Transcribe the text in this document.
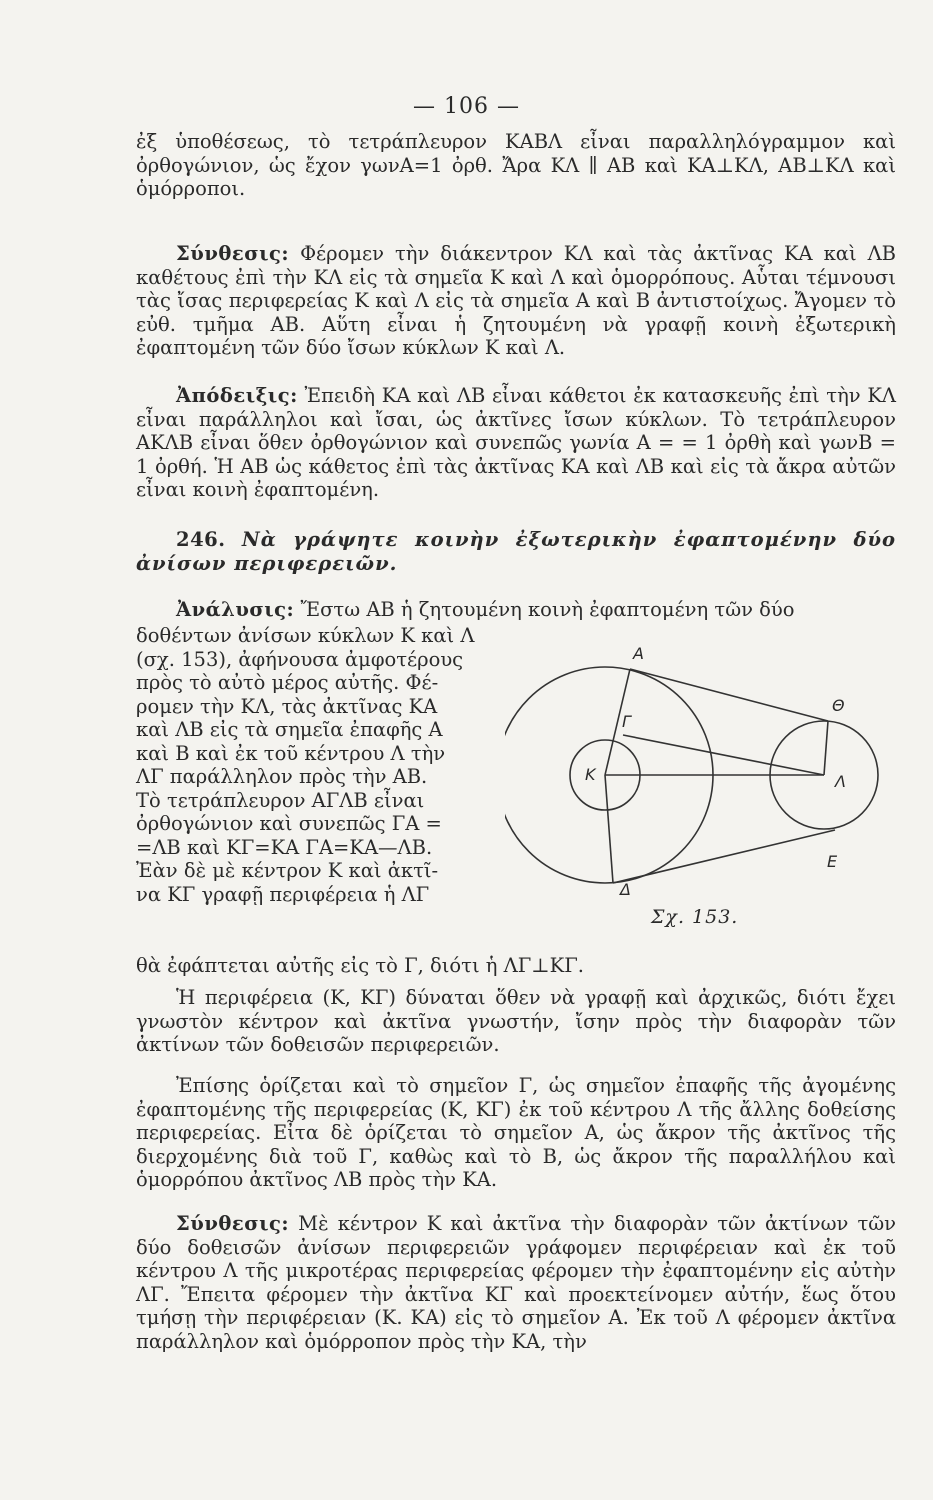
— 106 —

ἐξ ὑποθέσεως, τὸ τετράπλευρον ΚΑΒΛ εἶναι παραλληλόγραμμον καὶ ὀρθογώνιον, ὡς ἔχον γωνΑ=1 ὀρθ. Ἄρα ΚΛ ∥ ΑΒ καὶ ΚΑ⊥ΚΛ, ΑΒ⊥ΚΛ καὶ ὁμόρροποι.

Σύνθεσις: Φέρομεν τὴν διάκεντρον ΚΛ καὶ τὰς ἀκτῖνας ΚΑ καὶ ΛΒ καθέτους ἐπὶ τὴν ΚΛ εἰς τὰ σημεῖα Κ καὶ Λ καὶ ὁμορρόπους. Αὗται τέμνουσι τὰς ἴσας περιφερείας Κ καὶ Λ εἰς τὰ σημεῖα Α καὶ Β ἀντιστοίχως. Ἄγομεν τὸ εὐθ. τμῆμα ΑΒ. Αὕτη εἶναι ἡ ζητουμένη νὰ γραφῇ κοινὴ ἐξωτερικὴ ἐφαπτομένη τῶν δύο ἴσων κύκλων Κ καὶ Λ.

Ἀπόδειξις: Ἐπειδὴ ΚΑ καὶ ΛΒ εἶναι κάθετοι ἐκ κατασκευῆς ἐπὶ τὴν ΚΛ εἶναι παράλληλοι καὶ ἴσαι, ὡς ἀκτῖνες ἴσων κύκλων. Τὸ τετράπλευρον ΑΚΛΒ εἶναι ὅθεν ὀρθογώνιον καὶ συνεπῶς γωνία Α = = 1 ὀρθὴ καὶ γωνΒ = 1 ὀρθή. Ἡ ΑΒ ὡς κάθετος ἐπὶ τὰς ἀκτῖνας ΚΑ καὶ ΛΒ καὶ εἰς τὰ ἄκρα αὐτῶν εἶναι κοινὴ ἐφαπτομένη.

246. Νὰ γράψητε κοινὴν ἐξωτερικὴν ἐφαπτομένην δύο ἀνίσων περιφερειῶν.

Ἀνάλυσις: Ἔστω ΑΒ ἡ ζητουμένη κοινὴ ἐφαπτομένη τῶν δύο

δοθέντων ἀνίσων κύκλων Κ καὶ Λ

(σχ. 153), ἀφήνουσα ἀμφοτέρους

πρὸς τὸ αὐτὸ μέρος αὐτῆς. Φέ-

ρομεν τὴν ΚΛ, τὰς ἀκτῖνας ΚΑ

καὶ ΛΒ εἰς τὰ σημεῖα ἐπαφῆς Α

καὶ Β καὶ ἐκ τοῦ κέντρου Λ τὴν

ΛΓ παράλληλον πρὸς τὴν ΑΒ.

Τὸ τετράπλευρον ΑΓΛΒ εἶναι

ὀρθογώνιον καὶ συνεπῶς ΓΑ =

=ΛΒ καὶ ΚΓ=ΚΑ ΓΑ=ΚΑ—ΛΒ.

Ἐὰν δὲ μὲ κέντρον Κ καὶ ἀκτῖ-

να ΚΓ γραφῇ περιφέρεια ἡ ΛΓ

θὰ ἐφάπτεται αὐτῆς εἰς τὸ Γ, διότι ἡ ΛΓ⊥ΚΓ.

Α
Γ
Κ	Λ
Θ
Ε
Δ
Σχ. 153.

Ἡ περιφέρεια (Κ, ΚΓ) δύναται ὅθεν νὰ γραφῇ καὶ ἀρχικῶς, διότι ἔχει γνωστὸν κέντρον καὶ ἀκτῖνα γνωστήν, ἴσην πρὸς τὴν διαφορὰν τῶν ἀκτίνων τῶν δοθεισῶν περιφερειῶν.

Ἐπίσης ὁρίζεται καὶ τὸ σημεῖον Γ, ὡς σημεῖον ἐπαφῆς τῆς ἀγομένης ἐφαπτομένης τῆς περιφερείας (Κ, ΚΓ) ἐκ τοῦ κέντρου Λ τῆς ἄλλης δοθείσης περιφερείας. Εἶτα δὲ ὁρίζεται τὸ σημεῖον Α, ὡς ἄκρον τῆς ἀκτῖνος τῆς διερχομένης διὰ τοῦ Γ, καθὼς καὶ τὸ Β, ὡς ἄκρον τῆς παραλλήλου καὶ ὁμορρόπου ἀκτῖνος ΛΒ πρὸς τὴν ΚΑ.

Σύνθεσις: Μὲ κέντρον Κ καὶ ἀκτῖνα τὴν διαφορὰν τῶν ἀκτίνων τῶν δύο δοθεισῶν ἀνίσων περιφερειῶν γράφομεν περιφέρειαν καὶ ἐκ τοῦ κέντρου Λ τῆς μικροτέρας περιφερείας φέρομεν τὴν ἐφαπτομένην εἰς αὐτὴν ΛΓ. Ἔπειτα φέρομεν τὴν ἀκτῖνα ΚΓ καὶ προεκτείνομεν αὐτήν, ἕως ὅτου τμήσῃ τὴν περιφέρειαν (Κ. ΚΑ) εἰς τὸ σημεῖον Α. Ἐκ τοῦ Λ φέρομεν ἀκτῖνα παράλληλον καὶ ὁμόρροπον πρὸς τὴν ΚΑ, τὴν
